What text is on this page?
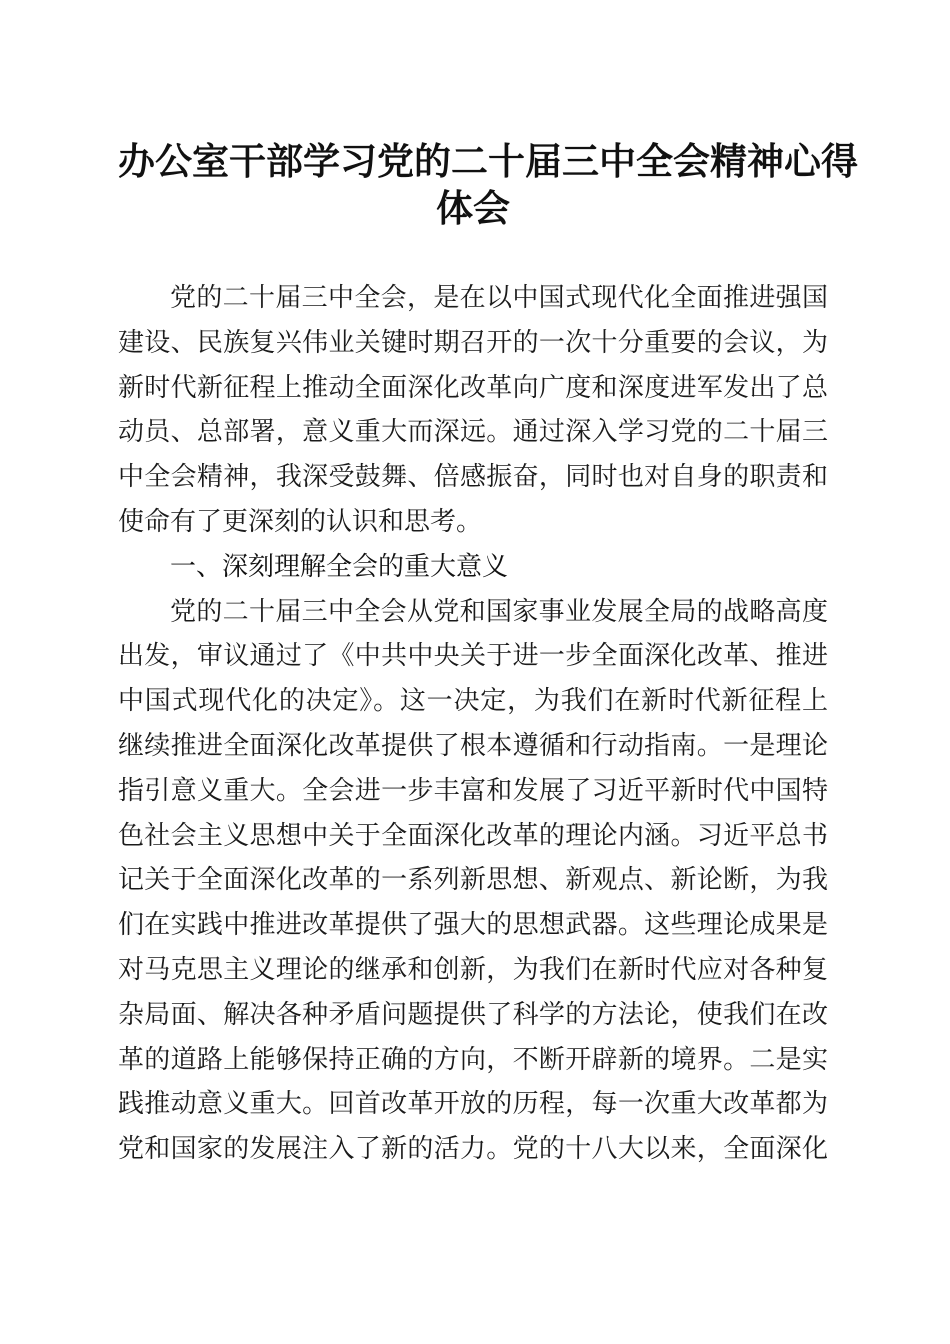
办公室干部学习党的二十届三中全会精神心得
体会
党的二十届三中全会，是在以中国式现代化全面推进强国
建设、民族复兴伟业关键时期召开的一次十分重要的会议，为
新时代新征程上推动全面深化改革向广度和深度进军发出了总
动员、总部署，意义重大而深远。通过深入学习党的二十届三
中全会精神，我深受鼓舞、倍感振奋，同时也对自身的职责和
使命有了更深刻的认识和思考。
一、深刻理解全会的重大意义
党的二十届三中全会从党和国家事业发展全局的战略高度
出发，审议通过了《中共中央关于进一步全面深化改革、推进
中国式现代化的决定》。这一决定，为我们在新时代新征程上
继续推进全面深化改革提供了根本遵循和行动指南。一是理论
指引意义重大。全会进一步丰富和发展了习近平新时代中国特
色社会主义思想中关于全面深化改革的理论内涵。习近平总书
记关于全面深化改革的一系列新思想、新观点、新论断，为我
们在实践中推进改革提供了强大的思想武器。这些理论成果是
对马克思主义理论的继承和创新，为我们在新时代应对各种复
杂局面、解决各种矛盾问题提供了科学的方法论，使我们在改
革的道路上能够保持正确的方向，不断开辟新的境界。二是实
践推动意义重大。回首改革开放的历程，每一次重大改革都为
党和国家的发展注入了新的活力。党的十八大以来，全面深化
